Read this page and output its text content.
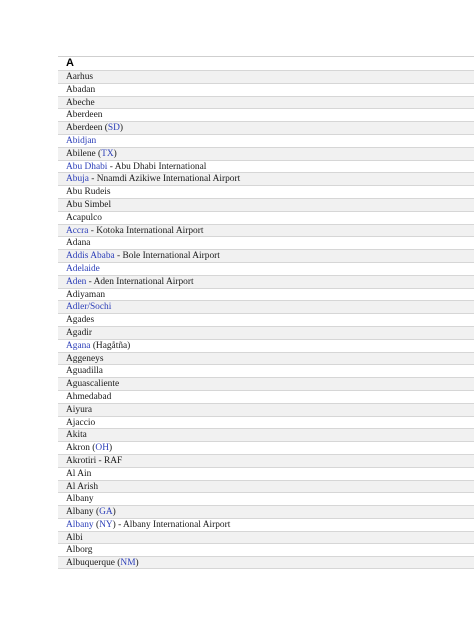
A
Aarhus
Abadan
Abeche
Aberdeen
Aberdeen (SD)
Abidjan
Abilene (TX)
Abu Dhabi - Abu Dhabi International
Abuja - Nnamdi Azikiwe International Airport
Abu Rudeis
Abu Simbel
Acapulco
Accra - Kotoka International Airport
Adana
Addis Ababa - Bole International Airport
Adelaide
Aden - Aden International Airport
Adiyaman
Adler/Sochi
Agades
Agadir
Agana (Hagåtña)
Aggeneys
Aguadilla
Aguascaliente
Ahmedabad
Aiyura
Ajaccio
Akita
Akron (OH)
Akrotiri - RAF
Al Ain
Al Arish
Albany
Albany (GA)
Albany (NY) - Albany International Airport
Albi
Alborg
Albuquerque (NM)
